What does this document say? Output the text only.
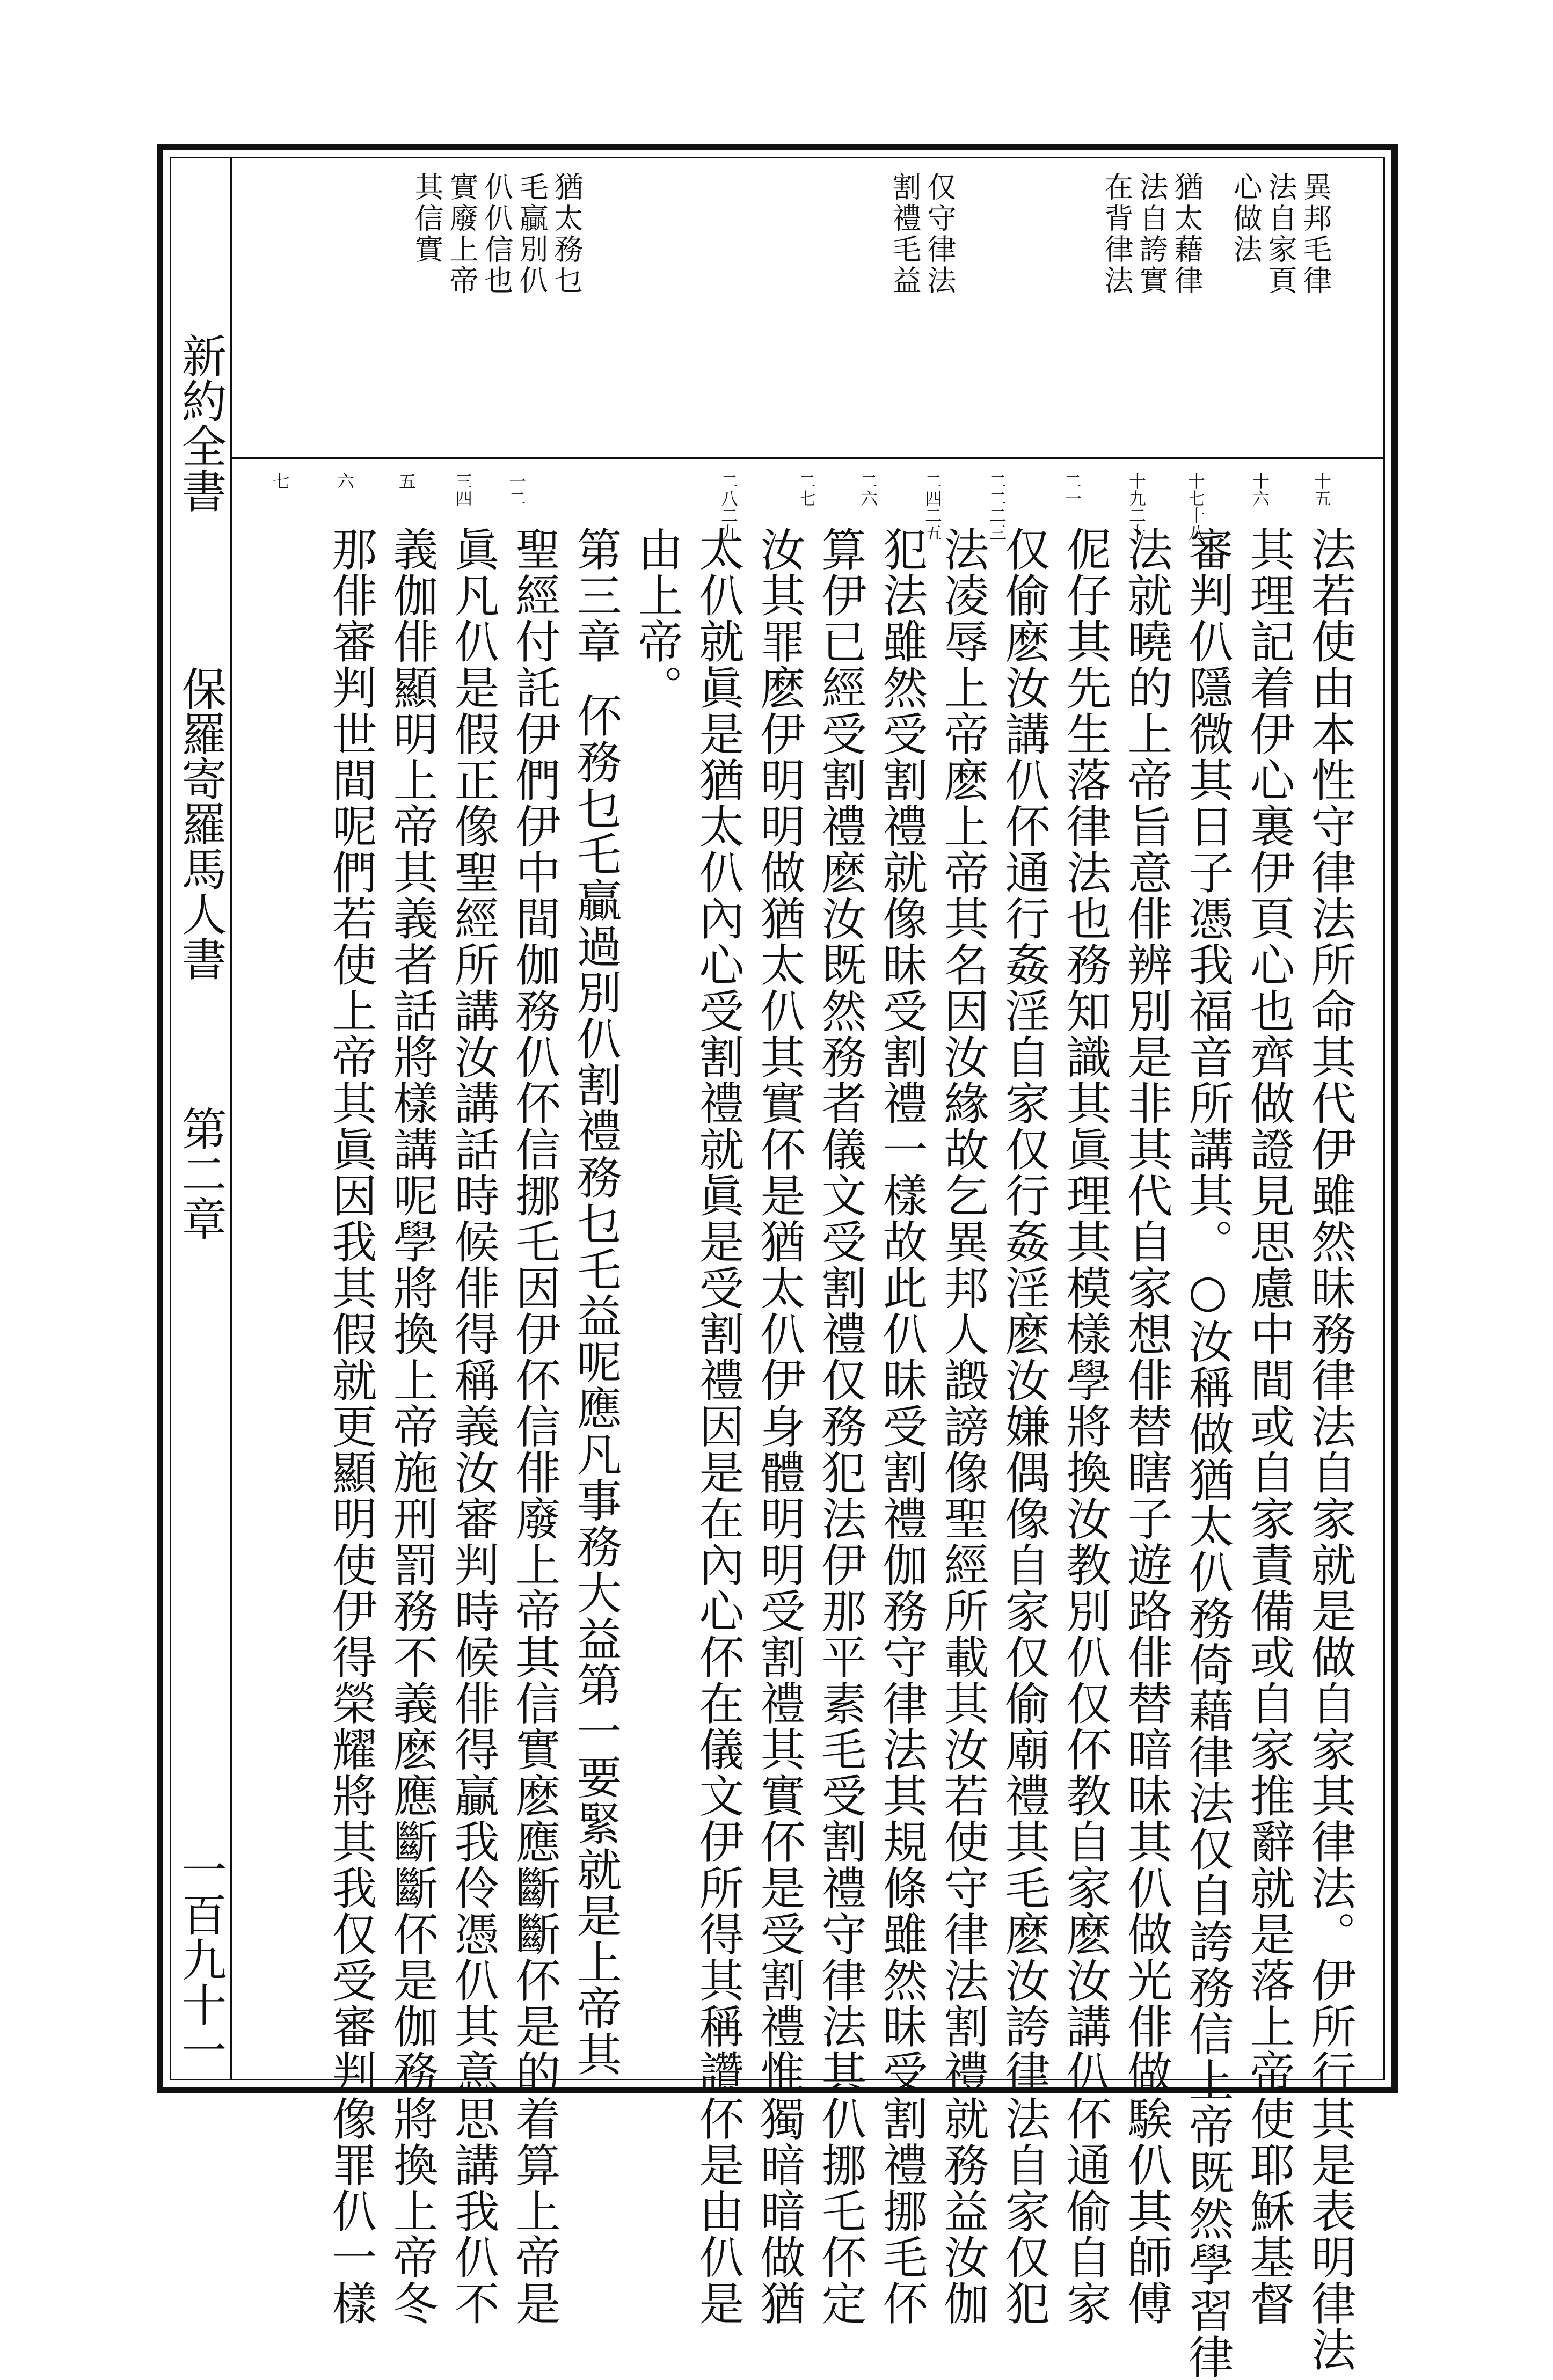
新約全書
保羅寄羅馬人書
第二章
一百九十一
異邦毛律
法自家頁
心做法
猶太藉律
法自誇實
在背律法
仅守律法
割禮毛益
猶太務乜
毛贏別仈
仈仈信也
實廢上帝
其信實
十五
十六
十七十八
十九二十
二一
二二二三
二四二五
二六
二七
二八二九
一二
三四
五
六
七
法若使由本性守律法所命其代伊雖然昧務律法自家就是做自家其律法。伊所行其是表明律法
其理記着伊心裏伊頁心也齊做證見思慮中間或自家責備或自家推辭就是落上帝使耶穌基督
審判仈隱微其日子憑我福音所講其。○汝稱做猶太仈務倚藉律法仅自誇務信上帝既然學習律
法就曉的上帝旨意俳辨別是非其代自家想俳替瞎子遊路俳替暗昧其仈做光俳做騃仈其師傅
伲仔其先生落律法也務知識其眞理其模樣學將換汝教別仈仅伓教自家麽汝講仈伓通偷自家
仅偷麽汝講仈伓通行姦淫自家仅行姦淫麽汝嫌偶像自家仅偷廟禮其毛麽汝誇律法自家仅犯
法凌辱上帝麽上帝其名因汝緣故乞異邦人譭謗像聖經所載其汝若使守律法割禮就務益汝伽
犯法雖然受割禮就像昧受割禮一樣故此仈昧受割禮伽務守律法其規條雖然昧受割禮挪毛伓
算伊已經受割禮麽汝既然務者儀文受割禮仅務犯法伊那平素毛受割禮守律法其仈挪乇伓定
汝其罪麽伊明明做猶太仈其實伓是猶太仈伊身體明明受割禮其實伓是受割禮惟獨暗暗做猶
太仈就眞是猶太仈內心受割禮就眞是受割禮因是在內心伓在儀文伊所得其稱讚伓是由仈是
由上帝。
第三章
伓務乜乇贏過別仈割禮務乜乇益呢應凡事務大益第一要緊就是上帝其
聖經付託伊們伊中間伽務仈伓信挪乇因伊伓信俳廢上帝其信實麽應斷斷伓是的着算上帝是
眞凡仈是假正像聖經所講汝講話時候俳得稱義汝審判時候俳得贏我伶憑仈其意思講我仈不
義伽俳顯明上帝其義者話將樣講呢學將換上帝施刑罰務不義麽應斷斷伓是伽務將換上帝冬
那俳審判世間呢們若使上帝其眞因我其假就更顯明使伊得榮耀將其我仅受審判像罪仈一樣
